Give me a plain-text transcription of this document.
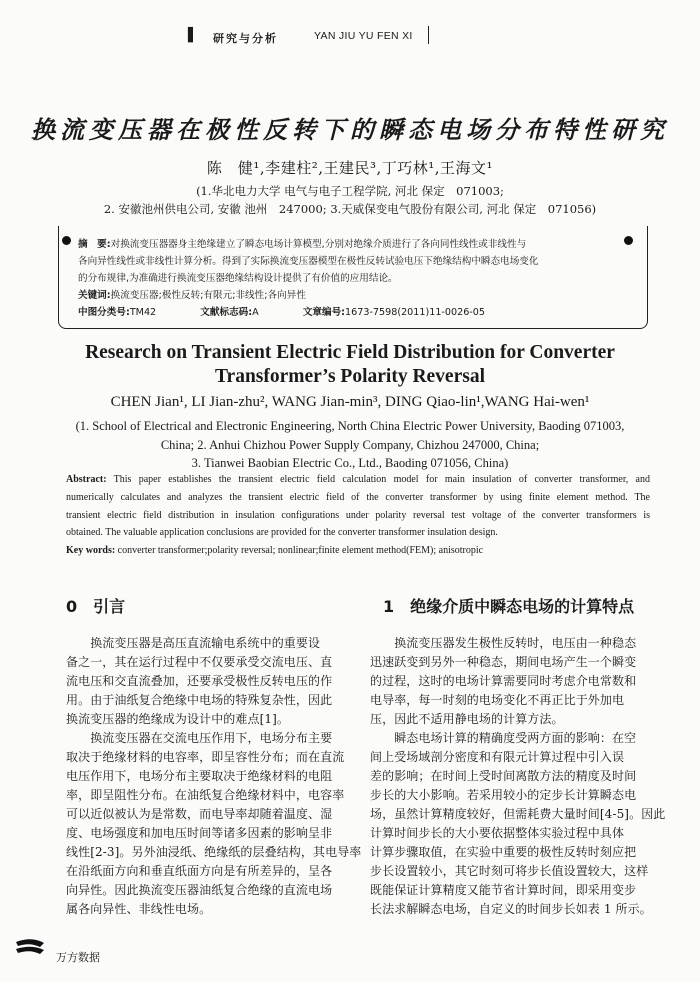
▌ 研究与分析	YAN JIU YU FEN XI
换流变压器在极性反转下的瞬态电场分布特性研究
陈　健¹,李建柱²,王建民³,丁巧林¹,王海文¹
(1.华北电力大学 电气与电子工程学院, 河北 保定　071003;
2. 安徽池州供电公司, 安徽 池州　247000; 3.天威保变电气股份有限公司, 河北 保定　071056)
摘　要:对换流变压器器身主绝缘建立了瞬态电场计算模型,分别对绝缘介质进行了各向同性线性或非线性与
各向异性线性或非线性计算分析。得到了实际换流变压器模型在极性反转试验电压下绝缘结构中瞬态电场变化
的分布规律,为准确进行换流变压器绝缘结构设计提供了有价值的应用结论。
关键词:换流变压器;极性反转;有限元;非线性;各向异性
中图分类号:TM42	文献标志码:A	文章编号:1673-7598(2011)11-0026-05
Research on Transient Electric Field Distribution for Converter
Transformer’s Polarity Reversal
CHEN Jian¹, LI Jian-zhu², WANG Jian-min³, DING Qiao-lin¹,WANG Hai-wen¹
(1. School of Electrical and Electronic Engineering, North China Electric Power University, Baoding 071003,
China; 2. Anhui Chizhou Power Supply Company, Chizhou 247000, China;
3. Tianwei Baobian Electric Co., Ltd., Baoding 071056, China)
Abstract: This paper establishes the transient electric field calculation model for main insulation of converter transformer, and
numerically calculates and analyzes the transient electric field of the converter transformer by using finite element method. The
transient electric field distribution in insulation configurations under polarity reversal test voltage of the converter transformers is
obtained. The valuable application conclusions are provided for the converter transformer insulation design.
Key words: converter transformer;polarity reversal; nonlinear;finite element method(FEM); anisotropic
0　引言	1　绝缘介质中瞬态电场的计算特点
　　换流变压器是高压直流输电系统中的重要设
备之一，其在运行过程中不仅要承受交流电压、直
流电压和交直流叠加，还要承受极性反转电压的作
用。由于油纸复合绝缘中电场的特殊复杂性，因此
换流变压器的绝缘成为设计中的难点[1]。
　　换流变压器在交流电压作用下，电场分布主要
取决于绝缘材料的电容率，即呈容性分布；而在直流
电压作用下，电场分布主要取决于绝缘材料的电阻
率，即呈阻性分布。在油纸复合绝缘材料中，电容率
可以近似被认为是常数，而电导率却随着温度、湿
度、电场强度和加电压时间等诸多因素的影响呈非
线性[2-3]。另外油浸纸、绝缘纸的层叠结构，其电导率
在沿纸面方向和垂直纸面方向是有所差异的，呈各
向异性。因此换流变压器油纸复合绝缘的直流电场
属各向异性、非线性电场。
　　换流变压器发生极性反转时，电压由一种稳态
迅速跃变到另外一种稳态，期间电场产生一个瞬变
的过程，这时的电场计算需要同时考虑介电常数和
电导率，每一时刻的电场变化不再正比于外加电
压，因此不适用静电场的计算方法。
　　瞬态电场计算的精确度受两方面的影响：在空
间上受场域剖分密度和有限元计算过程中引入误
差的影响；在时间上受时间离散方法的精度及时间
步长的大小影响。若采用较小的定步长计算瞬态电
场，虽然计算精度较好，但需耗费大量时间[4-5]。因此
计算时间步长的大小要依据整体实验过程中具体
计算步骤取值，在实验中重要的极性反转时刻应把
步长设置较小，其它时刻可将步长值设置较大，这样
既能保证计算精度又能节省计算时间，即采用变步
长法求解瞬态电场，自定义的时间步长如表 1 所示。
万方数据
